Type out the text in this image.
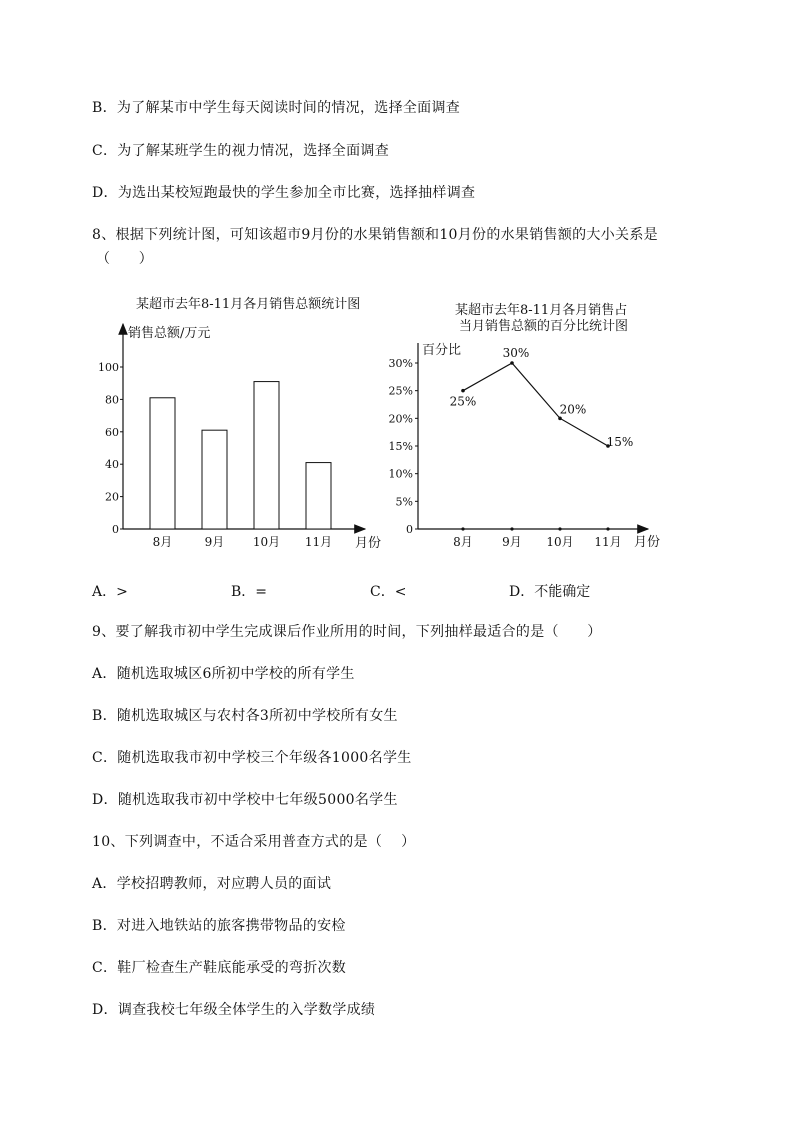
B．为了解某市中学生每天阅读时间的情况，选择全面调查
C．为了解某班学生的视力情况，选择全面调查
D．为选出某校短跑最快的学生参加全市比赛，选择抽样调查
8、根据下列统计图，可知该超市9月份的水果销售额和10月份的水果销售额的大小关系是
（      ）
某超市去年8-11月各月销售总额统计图
销售总额/万元
月份
0
20
40
60
80
100
8月	9月 10月 11月
某超市去年8-11月各月销售占
当月销售总额的百分比统计图
百分比
月份
0
5%
10%
15%
20%
25%
30%
25%
8月
30%
9月
20%
10月
15%
11月
A．>	B．=	C．<	D．不能确定
9、要了解我市初中学生完成课后作业所用的时间，下列抽样最适合的是（      ）
A．随机选取城区6所初中学校的所有学生
B．随机选取城区与农村各3所初中学校所有女生
C．随机选取我市初中学校三个年级各1000名学生
D．随机选取我市初中学校中七年级5000名学生
10、下列调查中，不适合采用普查方式的是（    ）
A．学校招聘教师，对应聘人员的面试
B．对进入地铁站的旅客携带物品的安检
C．鞋厂检查生产鞋底能承受的弯折次数
D．调查我校七年级全体学生的入学数学成绩
